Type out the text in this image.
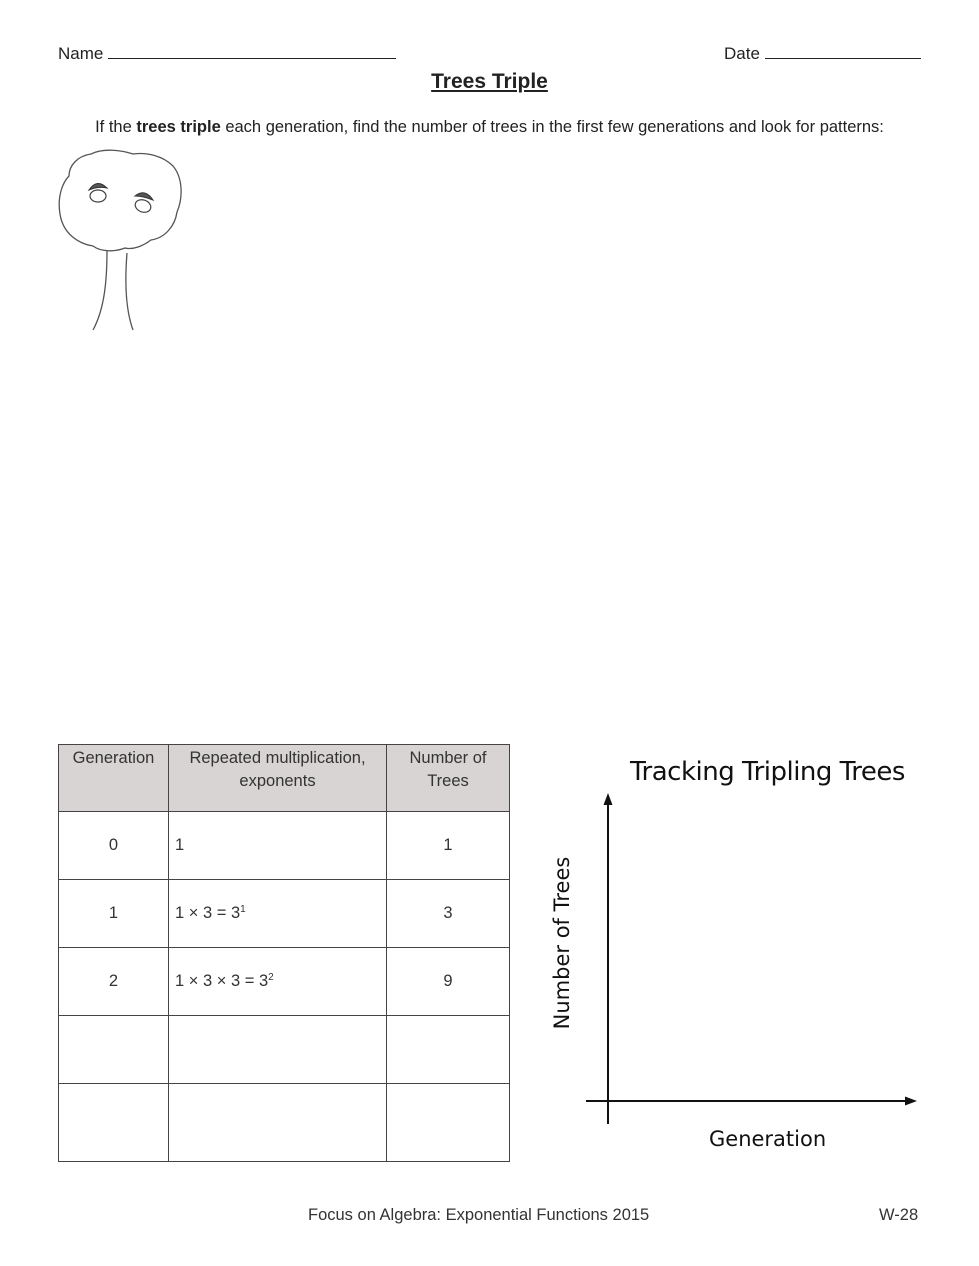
Name	Date
Trees Triple
If the trees triple each generation, find the number of trees in the first few generations and look for patterns:
Generation	Repeated multiplication, exponents	Number of Trees
0	1	1
1	$1 \times 3 = 3^1$	3
2	$1 \times 3 \times 3 = 3^2$	9

Tracking Tripling Trees
Number of Trees
Generation
Focus on Algebra: Exponential Functions 2015	W-28
